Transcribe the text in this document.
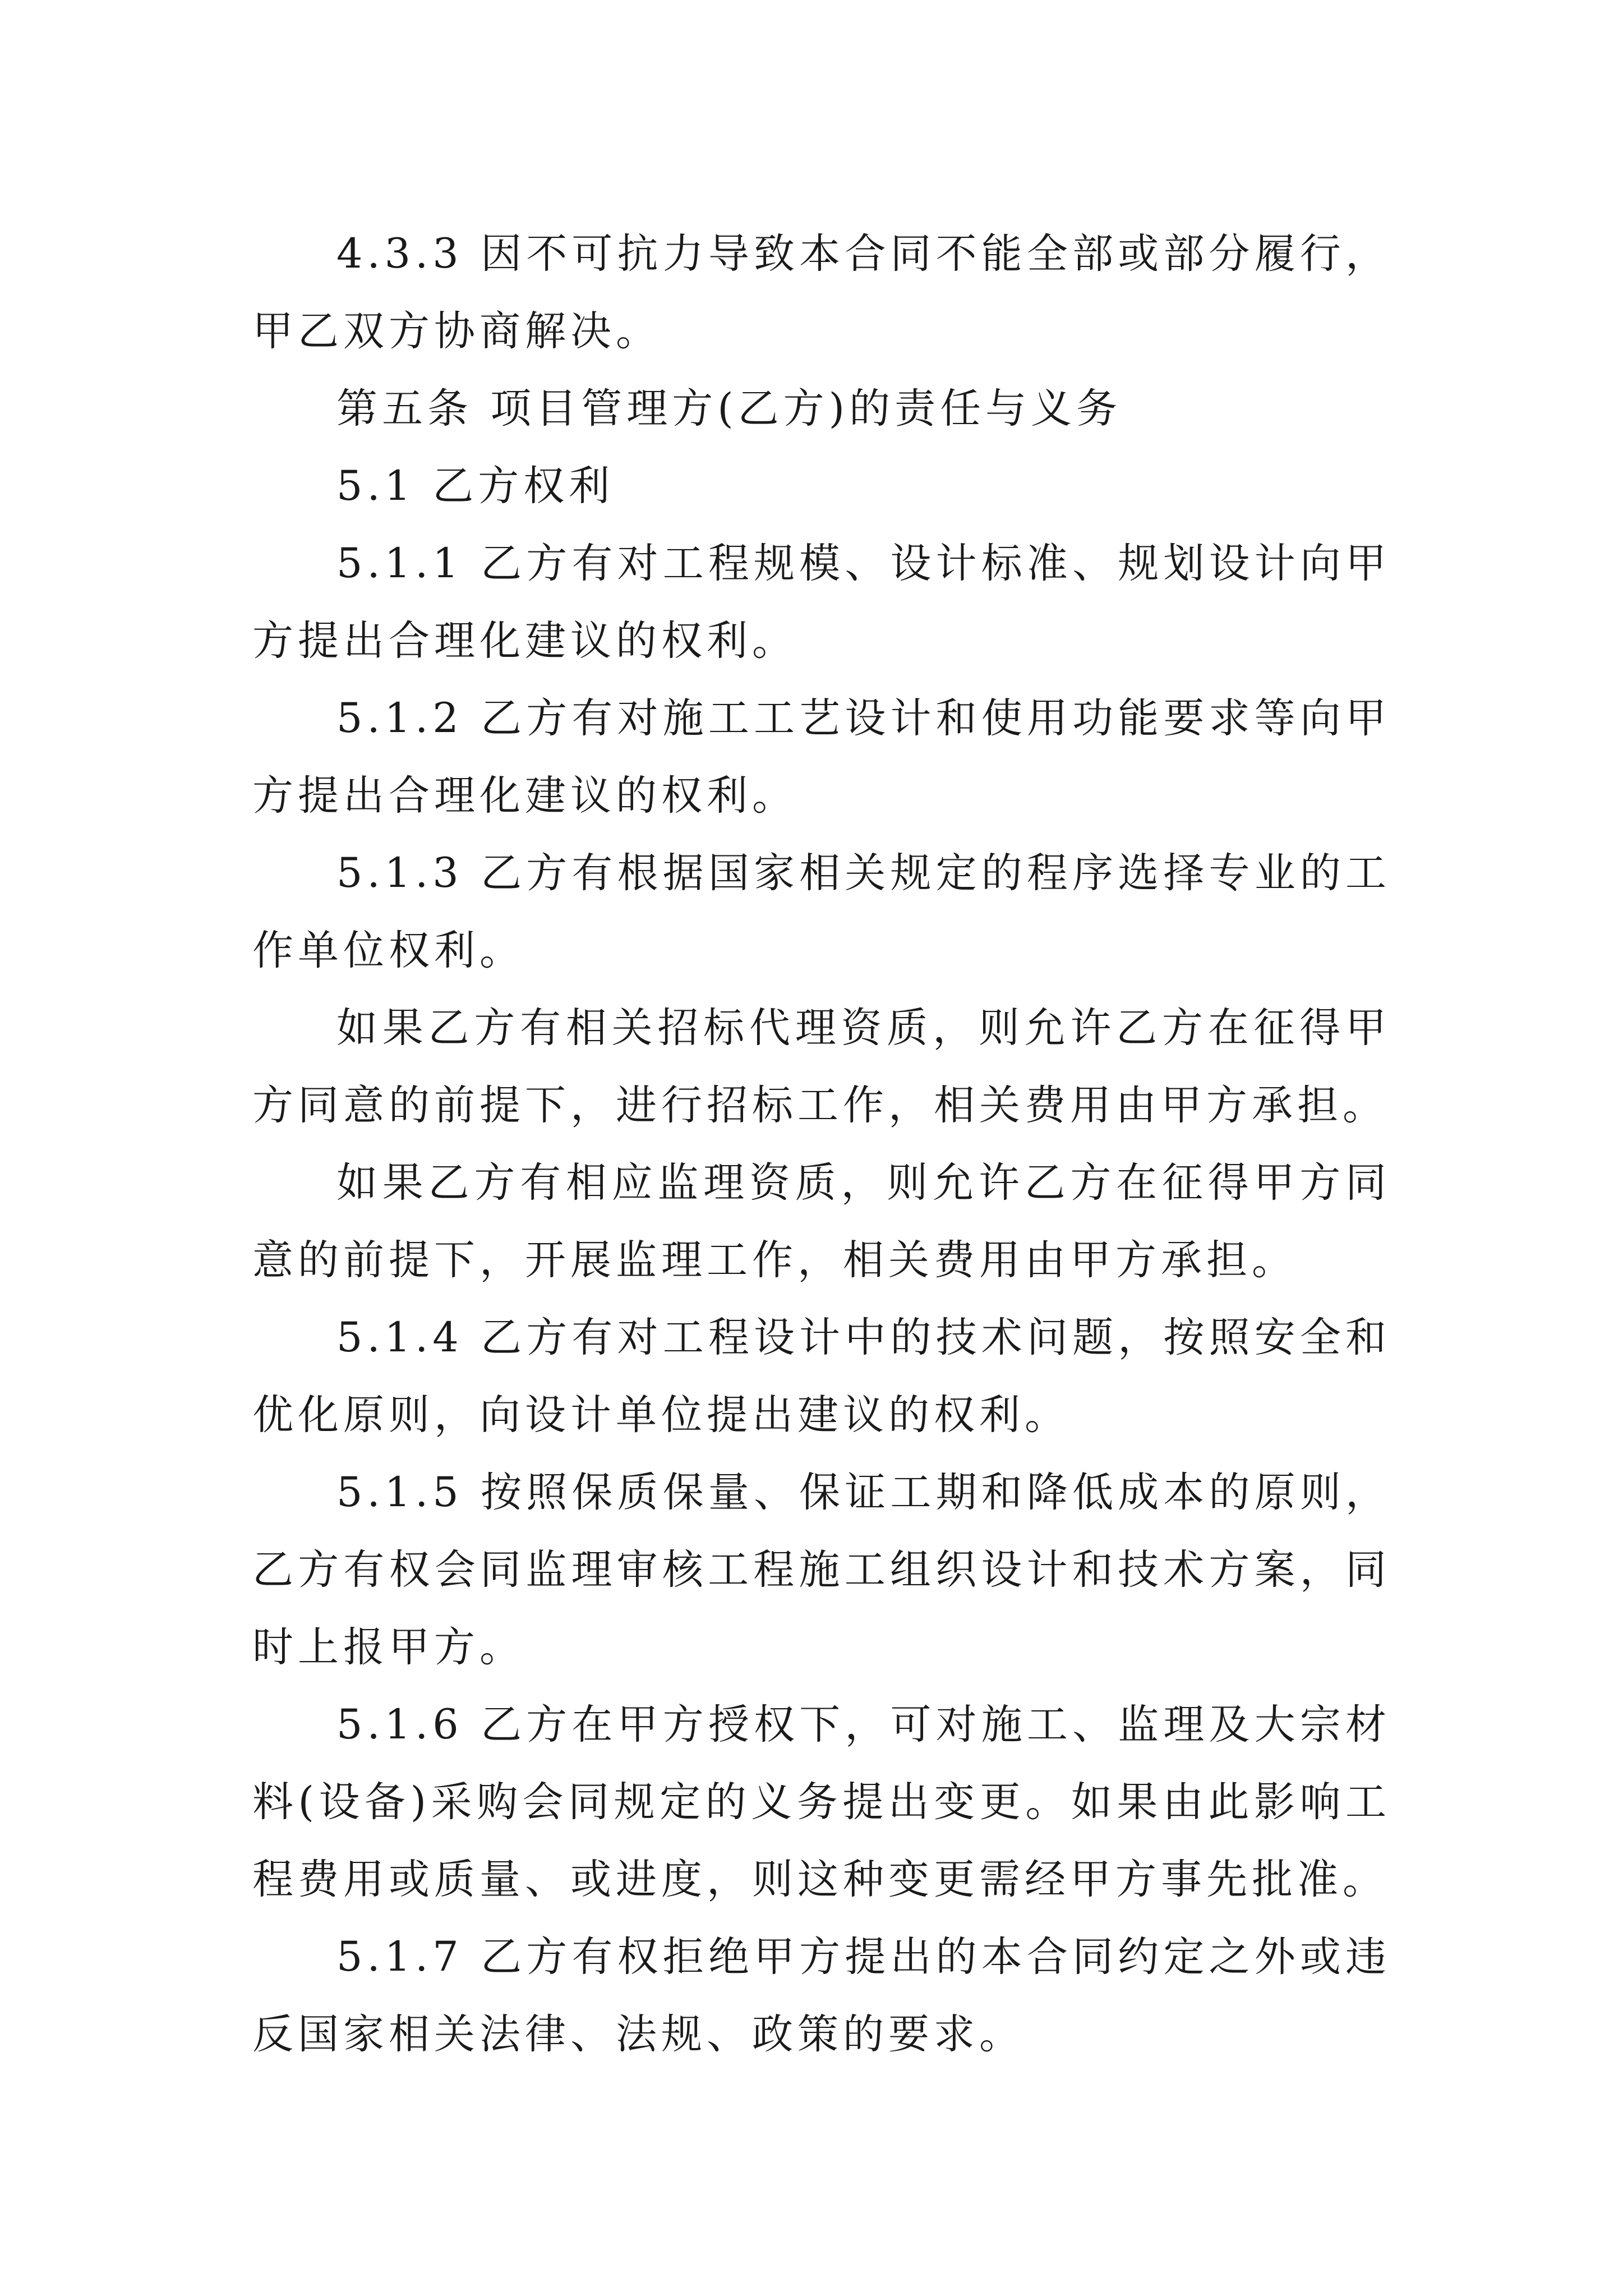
4.3.3 因不可抗力导致本合同不能全部或部分履行，甲乙双方协商解决。

第五条 项目管理方(乙方)的责任与义务

5.1 乙方权利

5.1.1 乙方有对工程规模、设计标准、规划设计向甲方提出合理化建议的权利。

5.1.2 乙方有对施工工艺设计和使用功能要求等向甲方提出合理化建议的权利。

5.1.3 乙方有根据国家相关规定的程序选择专业的工作单位权利。

如果乙方有相关招标代理资质，则允许乙方在征得甲方同意的前提下，进行招标工作，相关费用由甲方承担。

如果乙方有相应监理资质，则允许乙方在征得甲方同意的前提下，开展监理工作，相关费用由甲方承担。

5.1.4 乙方有对工程设计中的技术问题，按照安全和优化原则，向设计单位提出建议的权利。

5.1.5 按照保质保量、保证工期和降低成本的原则，乙方有权会同监理审核工程施工组织设计和技术方案，同时上报甲方。

5.1.6 乙方在甲方授权下，可对施工、监理及大宗材料(设备)采购会同规定的义务提出变更。如果由此影响工程费用或质量、或进度，则这种变更需经甲方事先批准。

5.1.7 乙方有权拒绝甲方提出的本合同约定之外或违反国家相关法律、法规、政策的要求。
